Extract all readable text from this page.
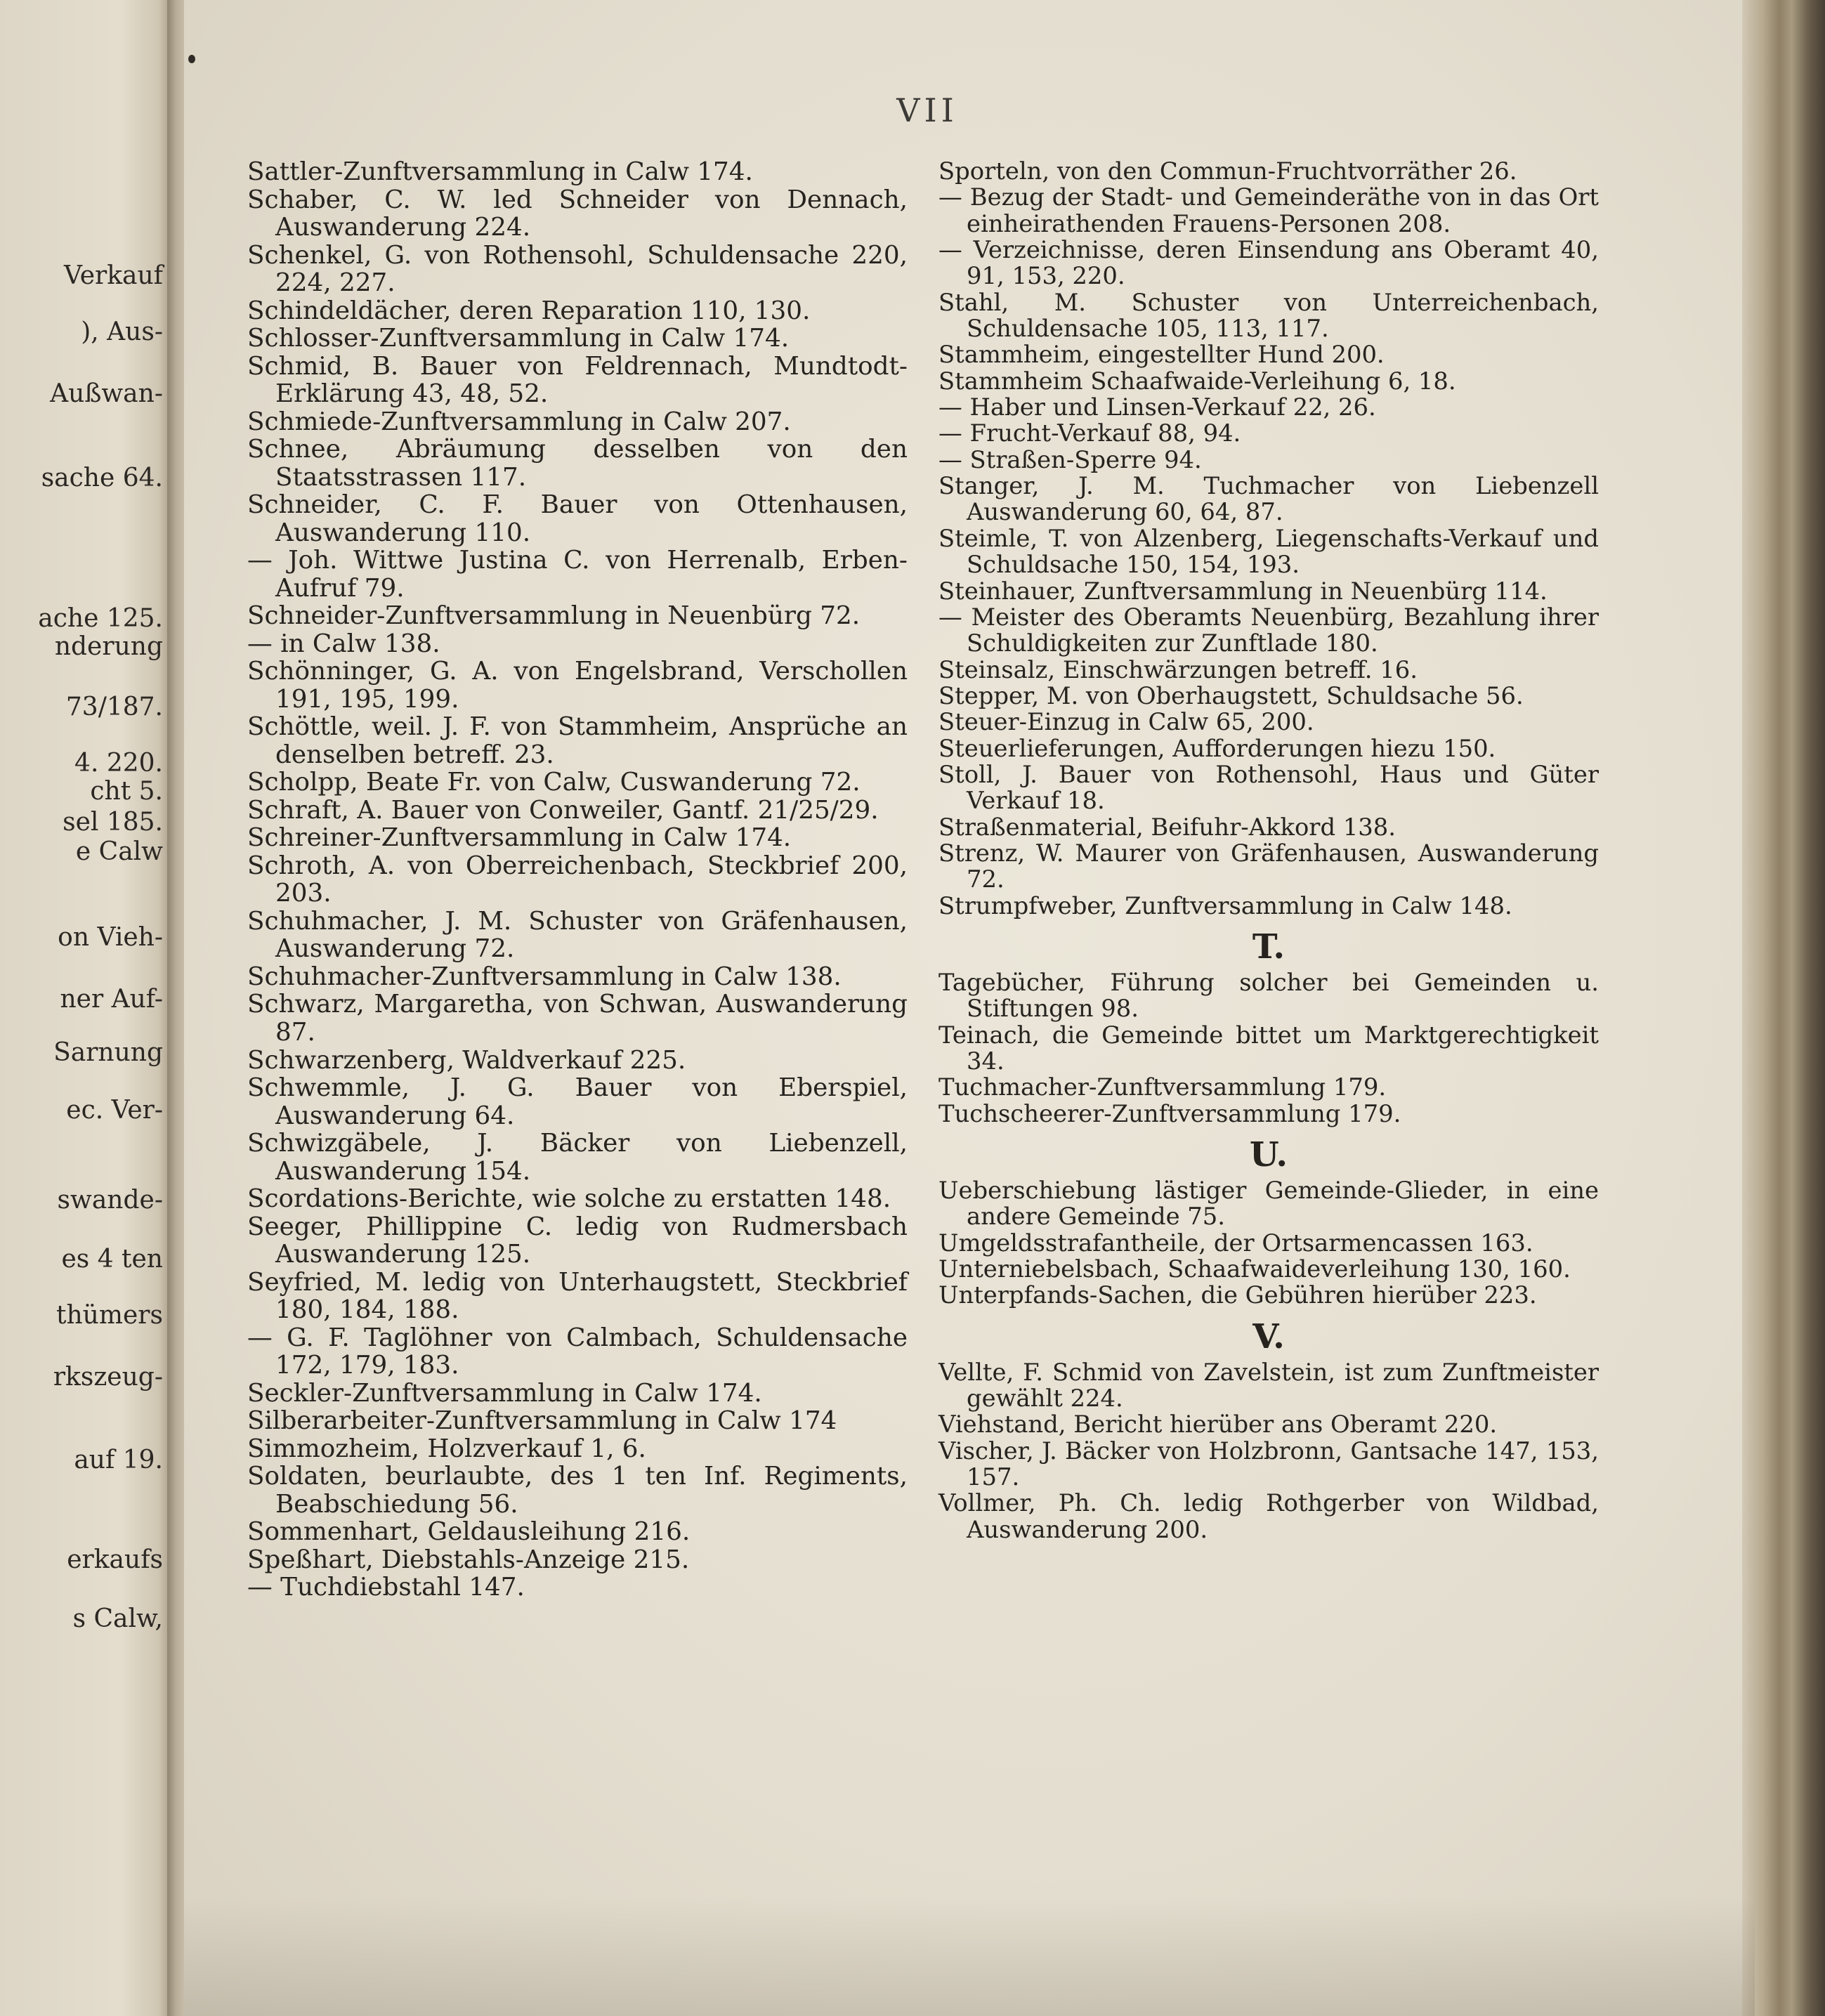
Verkauf
), Aus-
Außwan-
sache 64.
ache 125.
nderung
73/187.
4. 220.
cht 5.
sel 185.
e Calw
on Vieh-
ner Auf-
Sarnung
ec. Ver-
swande-
es 4 ten
thümers
rkszeug-
auf 19.
erkaufs
s Calw,
VII

Sattler-Zunftversammlung in Calw 174.

Schaber, C. W. led Schneider von Dennach, Auswanderung 224.

Schenkel, G. von Rothensohl, Schuldensache 220, 224, 227.

Schindeldächer, deren Reparation 110, 130.

Schlosser-Zunftversammlung in Calw 174.

Schmid, B. Bauer von Feldrennach, Mundtodt-Erklärung 43, 48, 52.

Schmiede-Zunftversammlung in Calw 207.

Schnee, Abräumung desselben von den Staatsstrassen 117.

Schneider, C. F. Bauer von Ottenhausen, Auswanderung 110.

— Joh. Wittwe Justina C. von Herrenalb, Erben-Aufruf 79.

Schneider-Zunftversammlung in Neuenbürg 72.

— in Calw 138.

Schönninger, G. A. von Engelsbrand, Verschollen 191, 195, 199.

Schöttle, weil. J. F. von Stammheim, Ansprüche an denselben betreff. 23.

Scholpp, Beate Fr. von Calw, Cuswanderung 72.

Schraft, A. Bauer von Conweiler, Gantf. 21/25/29.

Schreiner-Zunftversammlung in Calw 174.

Schroth, A. von Oberreichenbach, Steckbrief 200, 203.

Schuhmacher, J. M. Schuster von Gräfenhausen, Auswanderung 72.

Schuhmacher-Zunftversammlung in Calw 138.

Schwarz, Margaretha, von Schwan, Auswanderung 87.

Schwarzenberg, Waldverkauf 225.

Schwemmle, J. G. Bauer von Eberspiel, Auswanderung 64.

Schwizgäbele, J. Bäcker von Liebenzell, Auswanderung 154.

Scordations-Berichte, wie solche zu erstatten 148.

Seeger, Phillippine C. ledig von Rudmersbach Auswanderung 125.

Seyfried, M. ledig von Unterhaugstett, Steckbrief 180, 184, 188.

— G. F. Taglöhner von Calmbach, Schuldensache 172, 179, 183.

Seckler-Zunftversammlung in Calw 174.

Silberarbeiter-Zunftversammlung in Calw 174

Simmozheim, Holzverkauf 1, 6.

Soldaten, beurlaubte, des 1 ten Inf. Regiments, Beabschiedung 56.

Sommenhart, Geldausleihung 216.

Speßhart, Diebstahls-Anzeige 215.

— Tuchdiebstahl 147.

Sporteln, von den Commun-Fruchtvorräther 26.

— Bezug der Stadt- und Gemeinderäthe von in das Ort einheirathenden Frauens-Personen 208.

— Verzeichnisse, deren Einsendung ans Oberamt 40, 91, 153, 220.

Stahl, M. Schuster von Unterreichenbach, Schuldensache 105, 113, 117.

Stammheim, eingestellter Hund 200.

Stammheim Schaafwaide-Verleihung 6, 18.

— Haber und Linsen-Verkauf 22, 26.

— Frucht-Verkauf 88, 94.

— Straßen-Sperre 94.

Stanger, J. M. Tuchmacher von Liebenzell Auswanderung 60, 64, 87.

Steimle, T. von Alzenberg, Liegenschafts-Verkauf und Schuldsache 150, 154, 193.

Steinhauer, Zunftversammlung in Neuenbürg 114.

— Meister des Oberamts Neuenbürg, Bezahlung ihrer Schuldigkeiten zur Zunftlade 180.

Steinsalz, Einschwärzungen betreff. 16.

Stepper, M. von Oberhaugstett, Schuldsache 56.

Steuer-Einzug in Calw 65, 200.

Steuerlieferungen, Aufforderungen hiezu 150.

Stoll, J. Bauer von Rothensohl, Haus und Güter Verkauf 18.

Straßenmaterial, Beifuhr-Akkord 138.

Strenz, W. Maurer von Gräfenhausen, Auswanderung 72.

Strumpfweber, Zunftversammlung in Calw 148.

T.

Tagebücher, Führung solcher bei Gemeinden u. Stiftungen 98.

Teinach, die Gemeinde bittet um Marktgerechtigkeit 34.

Tuchmacher-Zunftversammlung 179.

Tuchscheerer-Zunftversammlung 179.

U.

Ueberschiebung lästiger Gemeinde-Glieder, in eine andere Gemeinde 75.

Umgeldsstrafantheile, der Ortsarmencassen 163.

Unterniebelsbach, Schaafwaideverleihung 130, 160.

Unterpfands-Sachen, die Gebühren hierüber 223.

V.

Vellte, F. Schmid von Zavelstein, ist zum Zunftmeister gewählt 224.

Viehstand, Bericht hierüber ans Oberamt 220.

Vischer, J. Bäcker von Holzbronn, Gantsache 147, 153, 157.

Vollmer, Ph. Ch. ledig Rothgerber von Wildbad, Auswanderung 200.
